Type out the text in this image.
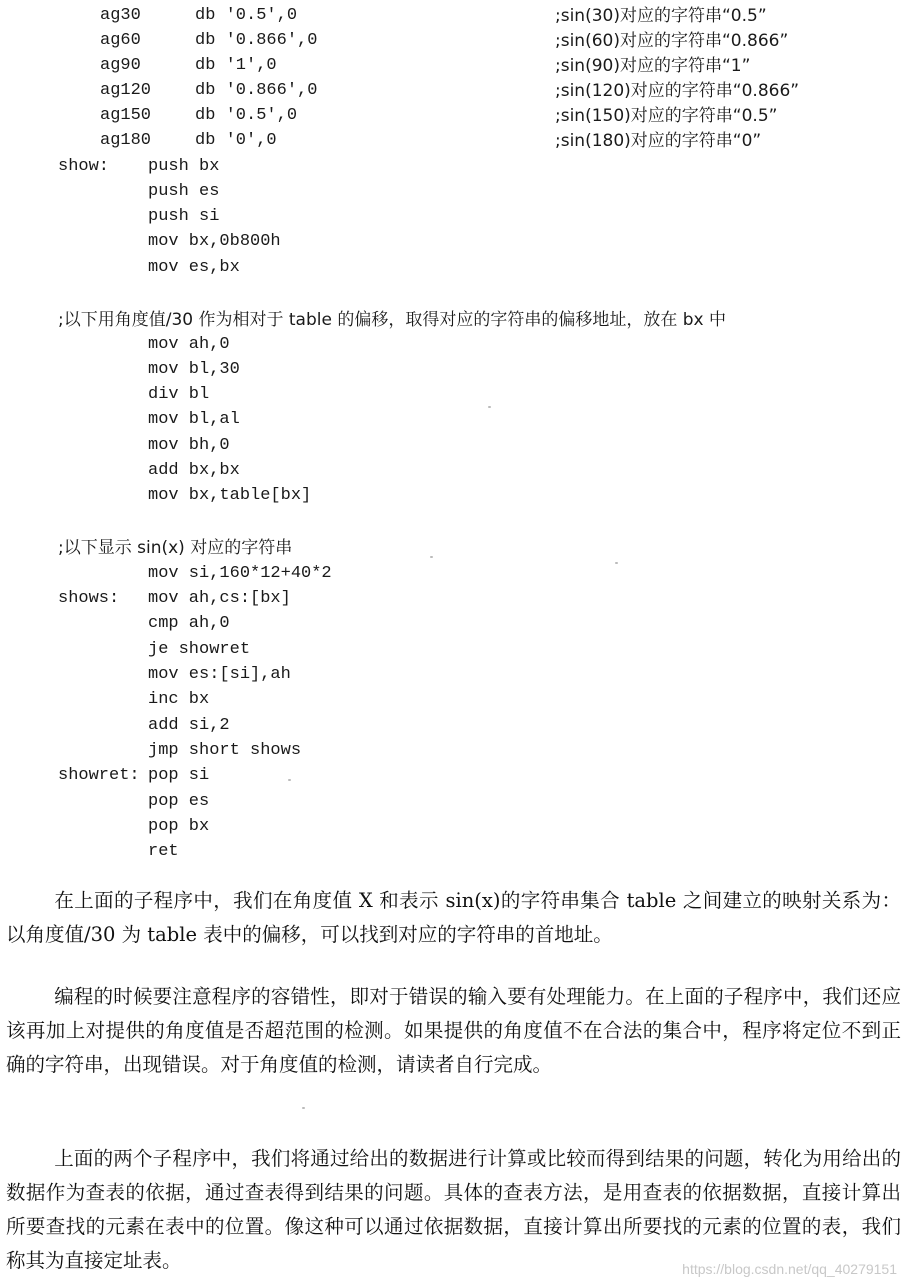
ag30	db '0.5',0	;sin(30)对应的字符串“0.5”
ag60	db '0.866',0	;sin(60)对应的字符串“0.866”
ag90	db '1',0	;sin(90)对应的字符串“1”
ag120	db '0.866',0	;sin(120)对应的字符串“0.866”
ag150	db '0.5',0	;sin(150)对应的字符串“0.5”
ag180	db '0',0	;sin(180)对应的字符串“0”
show: push bx
push es
push si
mov bx,0b800h
mov es,bx
;以下用角度值/30 作为相对于 table 的偏移，取得对应的字符串的偏移地址，放在 bx 中
mov ah,0
mov bl,30
div bl
mov bl,al
mov bh,0
add bx,bx
mov bx,table[bx]
;以下显示 sin(x) 对应的字符串
mov si,160*12+40*2
shows: mov ah,cs:[bx]
cmp ah,0
je showret
mov es:[si],ah
inc bx
add si,2
jmp short shows
showret: pop si
pop es
pop bx
ret
在上面的子程序中，我们在角度值 X 和表示 sin(x)的字符串集合 table 之间建立的映射关系为：以角度值/30 为 table 表中的偏移，可以找到对应的字符串的首地址。
编程的时候要注意程序的容错性，即对于错误的输入要有处理能力。在上面的子程序中，我们还应该再加上对提供的角度值是否超范围的检测。如果提供的角度值不在合法的集合中，程序将定位不到正确的字符串，出现错误。对于角度值的检测，请读者自行完成。
上面的两个子程序中，我们将通过给出的数据进行计算或比较而得到结果的问题，转化为用给出的数据作为查表的依据，通过查表得到结果的问题。具体的查表方法，是用查表的依据数据，直接计算出所要查找的元素在表中的位置。像这种可以通过依据数据，直接计算出所要找的元素的位置的表，我们称其为直接定址表。	https://blog.csdn.net/qq_40279151
